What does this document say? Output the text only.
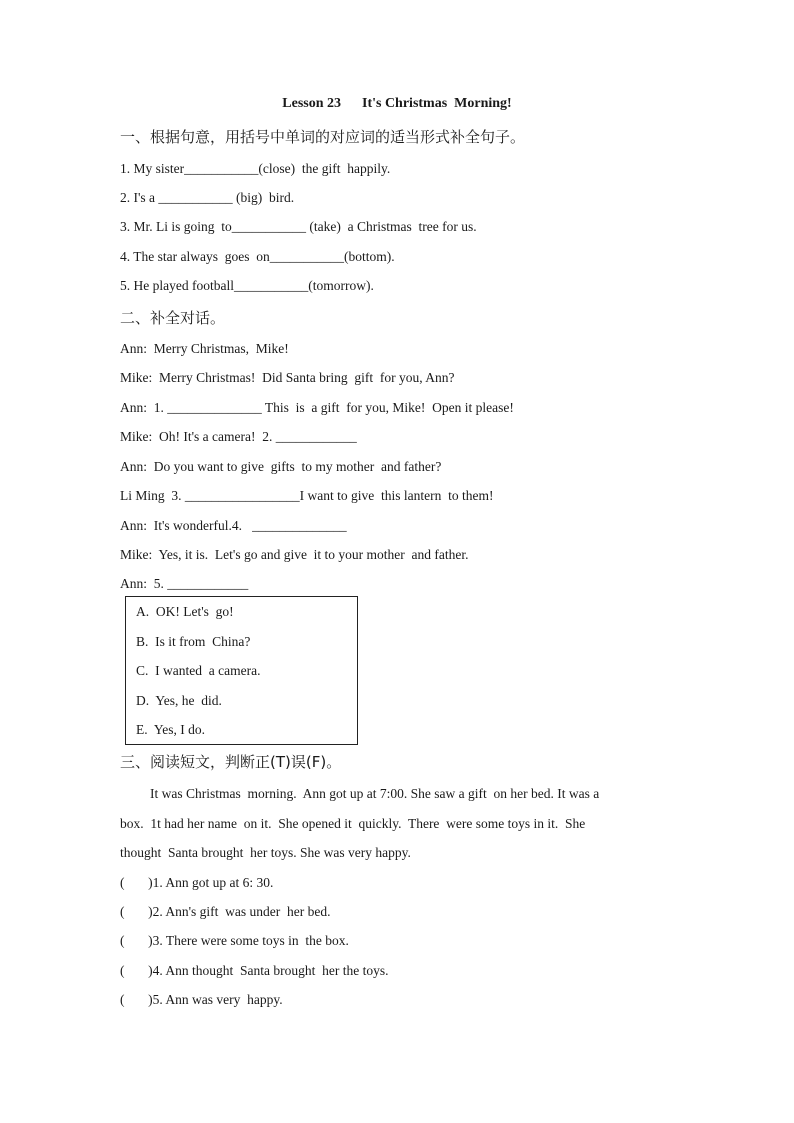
Lesson 23      It's Christmas  Morning!
一、根据句意，用括号中单词的对应词的适当形式补全句子。
1. My sister___________(close)  the gift  happily.
2. I's a ___________ (big)  bird.
3. Mr. Li is going  to___________ (take)  a Christmas  tree for us.
4. The star always  goes  on___________(bottom).
5. He played football___________(tomorrow).
二、补全对话。
Ann:  Merry Christmas,  Mike!
Mike:  Merry Christmas!  Did Santa bring  gift  for you, Ann?
Ann:  1. ______________ This  is  a gift  for you, Mike!  Open it please!
Mike:  Oh! It's a camera!  2. ____________
Ann:  Do you want to give  gifts  to my mother  and father?
Li Ming  3. _________________I want to give  this lantern  to them!
Ann:  It's wonderful.4.   ______________
Mike:  Yes, it is.  Let's go and give  it to your mother  and father.
Ann:  5. ____________
A.  OK! Let's  go!
B.  Is it from  China?
C.  I wanted  a camera.
D.  Yes, he  did.
E.  Yes, I do.
三、阅读短文，判断正(T)误(F)。
It was Christmas  morning.  Ann got up at 7:00. She saw a gift  on her bed. It was a
box.  1t had her name  on it.  She opened it  quickly.  There  were some toys in it.  She
thought  Santa brought  her toys. She was very happy.
(       )1. Ann got up at 6: 30.
(       )2. Ann's gift  was under  her bed.
(       )3. There were some toys in  the box.
(       )4. Ann thought  Santa brought  her the toys.
(       )5. Ann was very  happy.
